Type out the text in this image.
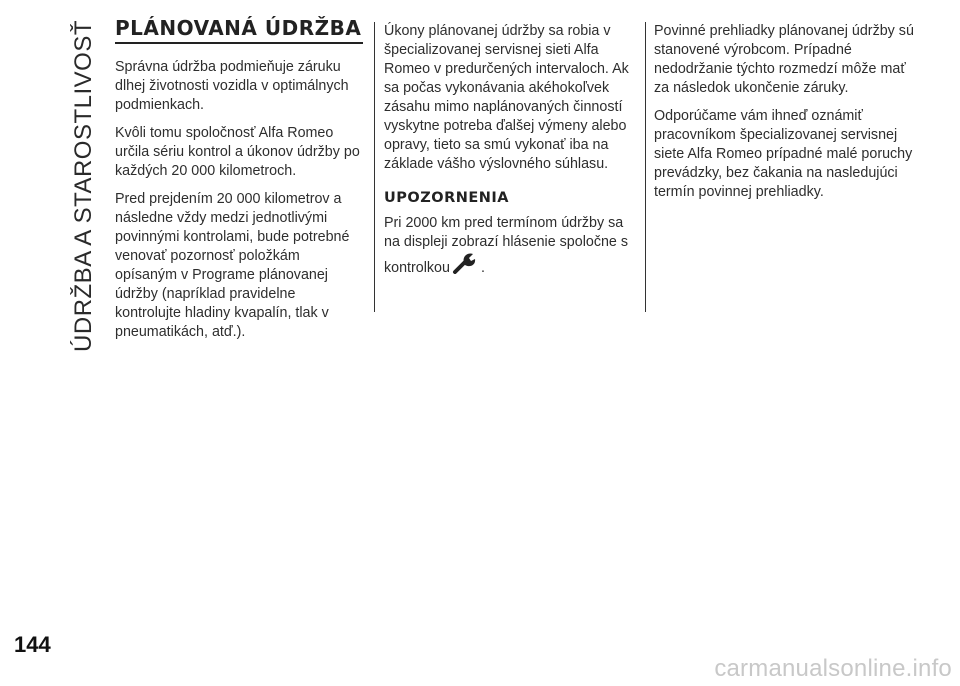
ÚDRŽBA A STAROSTLIVOSŤ PLÁNOVANÁ ÚDRŽBA

Správna údržba podmieňuje záruku dlhej životnosti vozidla v optimálnych podmienkach.

Kvôli tomu spoločnosť Alfa Romeo určila sériu kontrol a úkonov údržby po každých 20 000 kilometroch.

Pred prejdením 20 000 kilometrov a následne vždy medzi jednotlivými povinnými kontrolami, bude potrebné venovať pozornosť položkám opísaným v Programe plánovanej údržby (napríklad pravidelne kontrolujte hladiny kvapalín, tlak v pneumatikách, atď.).

Úkony plánovanej údržby sa robia v špecializovanej servisnej sieti Alfa Romeo v predurčených intervaloch. Ak sa počas vykonávania akéhokoľvek zásahu mimo naplánovaných činností vyskytne potreba ďalšej výmeny alebo opravy, tieto sa smú vykonať iba na základe vášho výslovného súhlasu.

UPOZORNENIA

Pri 2000 km pred termínom údržby sa na displeji zobrazí hlásenie spoločne s kontrolkou .

Povinné prehliadky plánovanej údržby sú stanovené výrobcom. Prípadné nedodržanie týchto rozmedzí môže mať za následok ukončenie záruky.

Odporúčame vám ihneď oznámiť pracovníkom špecializovanej servisnej siete Alfa Romeo prípadné malé poruchy prevádzky, bez čakania na nasledujúci termín povinnej prehliadky.

144
carmanualsonline.info
